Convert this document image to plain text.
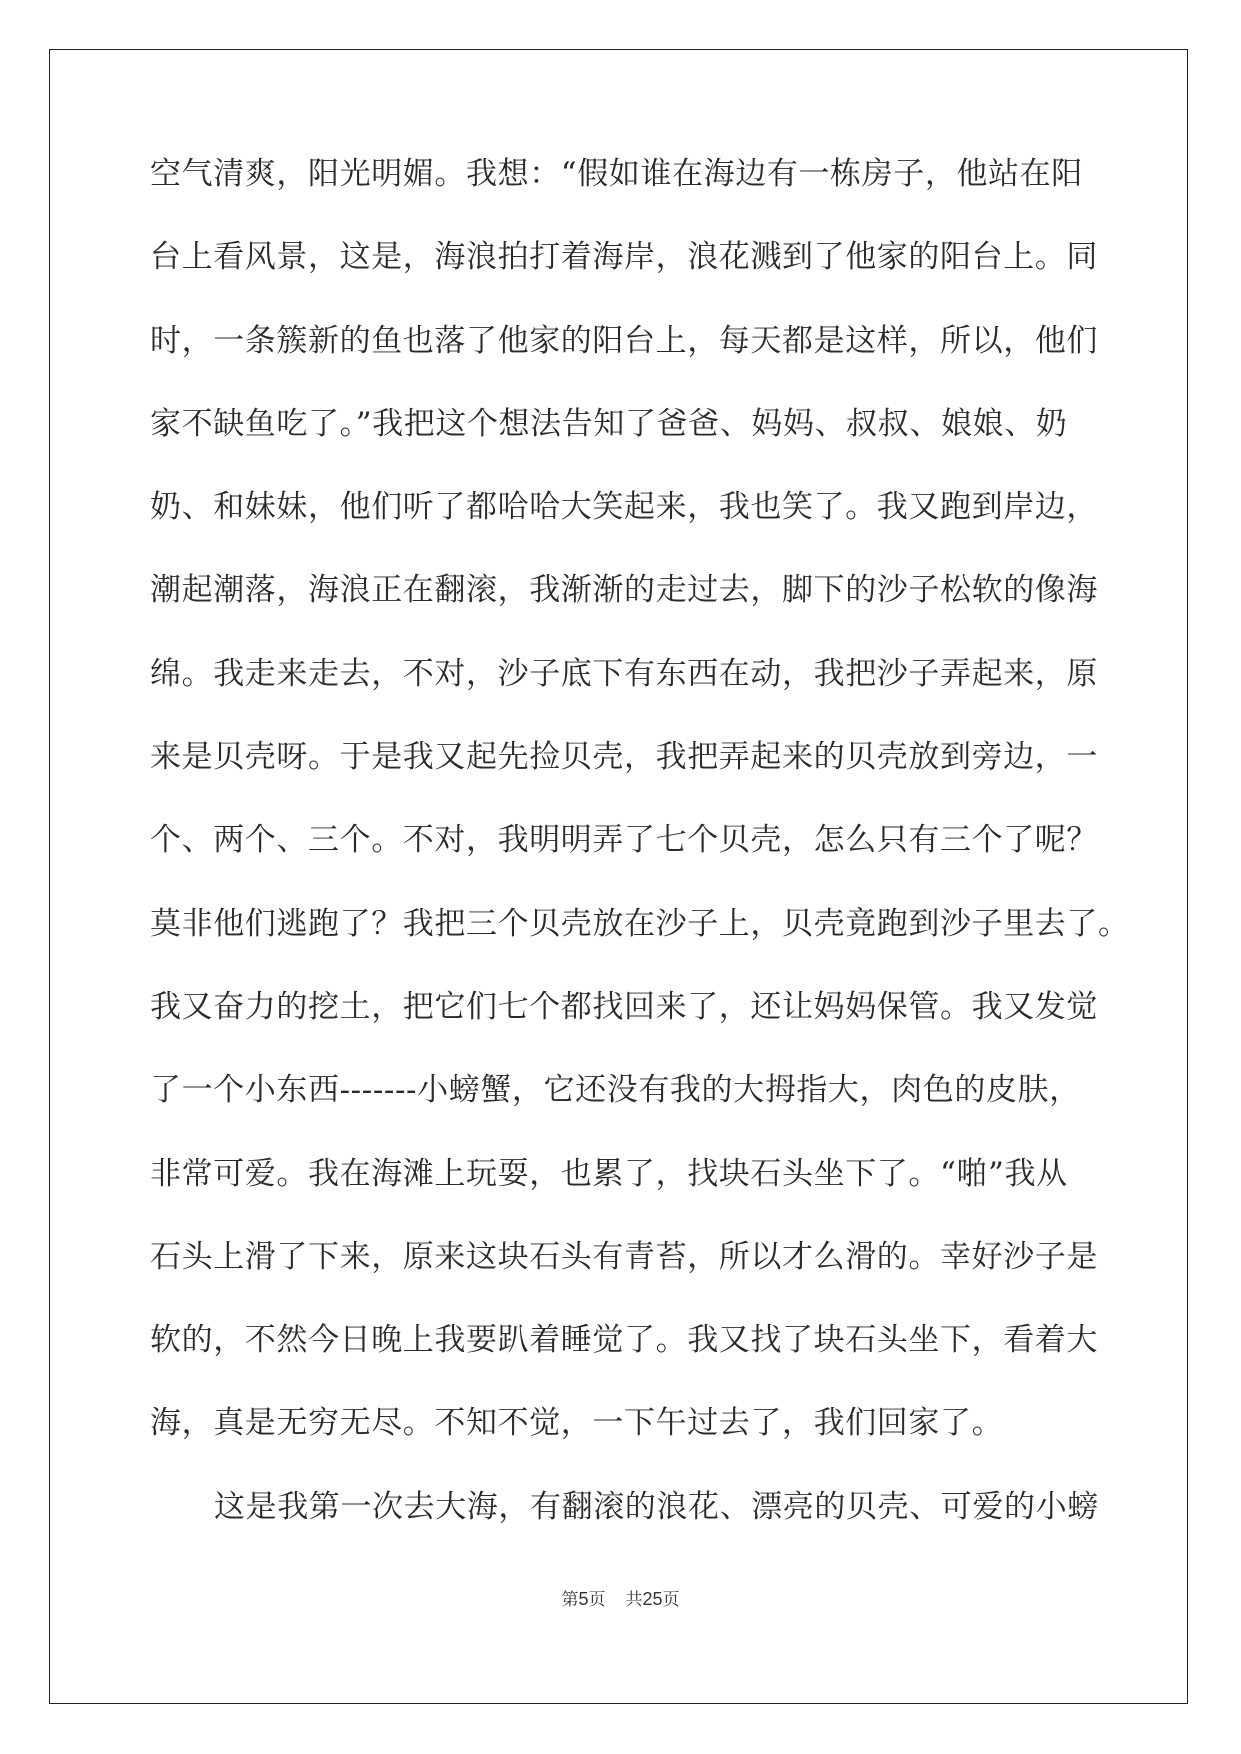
空气清爽，阳光明媚。我想：“假如谁在海边有一栋房子，他站在阳
台上看风景，这是，海浪拍打着海岸，浪花溅到了他家的阳台上。同
时，一条簇新的鱼也落了他家的阳台上，每天都是这样，所以，他们
家不缺鱼吃了。”我把这个想法告知了爸爸、妈妈、叔叔、娘娘、奶
奶、和妹妹，他们听了都哈哈大笑起来，我也笑了。我又跑到岸边，
潮起潮落，海浪正在翻滚，我渐渐的走过去，脚下的沙子松软的像海
绵。我走来走去，不对，沙子底下有东西在动，我把沙子弄起来，原
来是贝壳呀。于是我又起先捡贝壳，我把弄起来的贝壳放到旁边，一
个、两个、三个。不对，我明明弄了七个贝壳，怎么只有三个了呢？
莫非他们逃跑了？我把三个贝壳放在沙子上，贝壳竟跑到沙子里去了。
我又奋力的挖土，把它们七个都找回来了，还让妈妈保管。我又发觉
了一个小东西-------小螃蟹，它还没有我的大拇指大，肉色的皮肤，
非常可爱。我在海滩上玩耍，也累了，找块石头坐下了。“啪”我从
石头上滑了下来，原来这块石头有青苔，所以才么滑的。幸好沙子是
软的，不然今日晚上我要趴着睡觉了。我又找了块石头坐下，看着大
海，真是无穷无尽。不知不觉，一下午过去了，我们回家了。
这是我第一次去大海，有翻滚的浪花、漂亮的贝壳、可爱的小螃
第5页 共25页
